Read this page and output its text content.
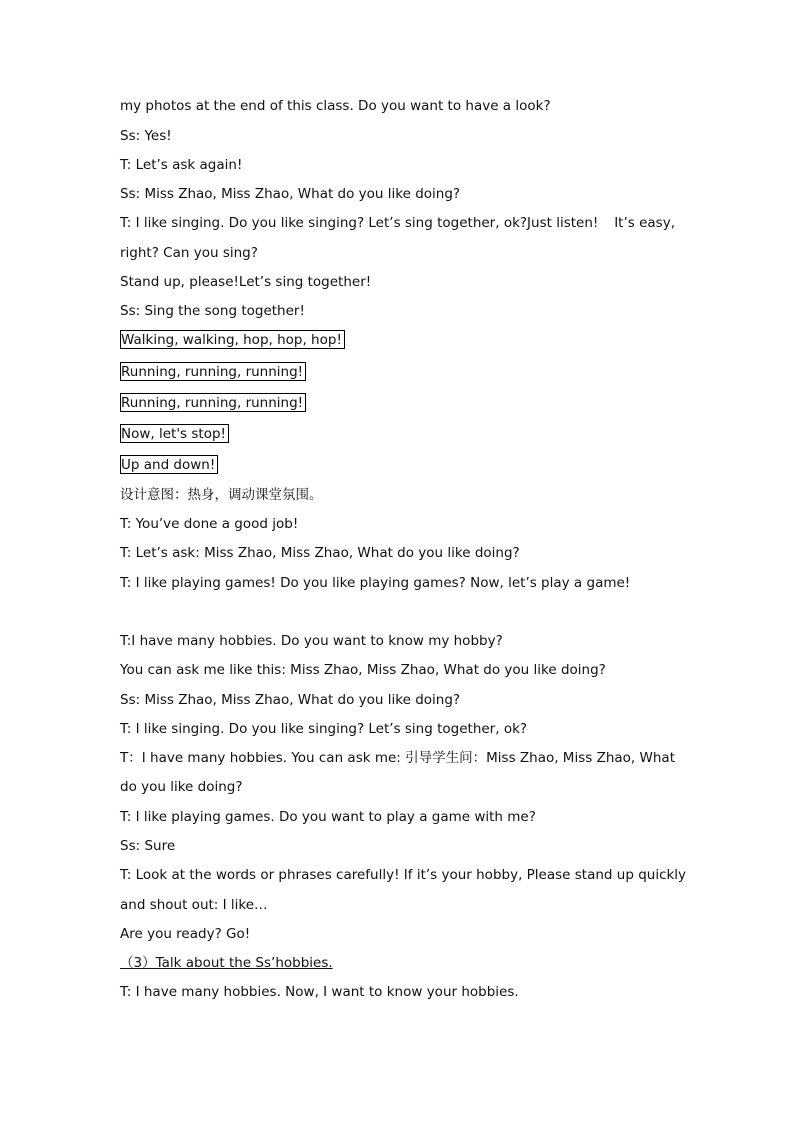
my photos at the end of this class. Do you want to have a look?
Ss: Yes!
T: Let’s ask again!
Ss: Miss Zhao, Miss Zhao, What do you like doing?
T: I like singing. Do you like singing? Let’s sing together, ok?Just listen! It’s easy,
right? Can you sing?
Stand up, please!Let’s sing together!
Ss: Sing the song together!
Walking, walking, hop, hop, hop!
Running, running, running!
Running, running, running!
Now, let's stop!
Up and down!
设计意图：热身，调动课堂氛围。
T: You’ve done a good job!
T: Let’s ask: Miss Zhao, Miss Zhao, What do you like doing?
T: I like playing games! Do you like playing games? Now, let’s play a game!
T:I have many hobbies. Do you want to know my hobby?
You can ask me like this: Miss Zhao, Miss Zhao, What do you like doing?
Ss: Miss Zhao, Miss Zhao, What do you like doing?
T: I like singing. Do you like singing? Let’s sing together, ok?
T：I have many hobbies. You can ask me: 引导学生问：Miss Zhao, Miss Zhao, What
do you like doing?
T: I like playing games. Do you want to play a game with me?
Ss: Sure
T: Look at the words or phrases carefully! If it’s your hobby, Please stand up quickly
and shout out: I like…
Are you ready? Go!
（3）Talk about the Ss’hobbies.
T: I have many hobbies. Now, I want to know your hobbies.
